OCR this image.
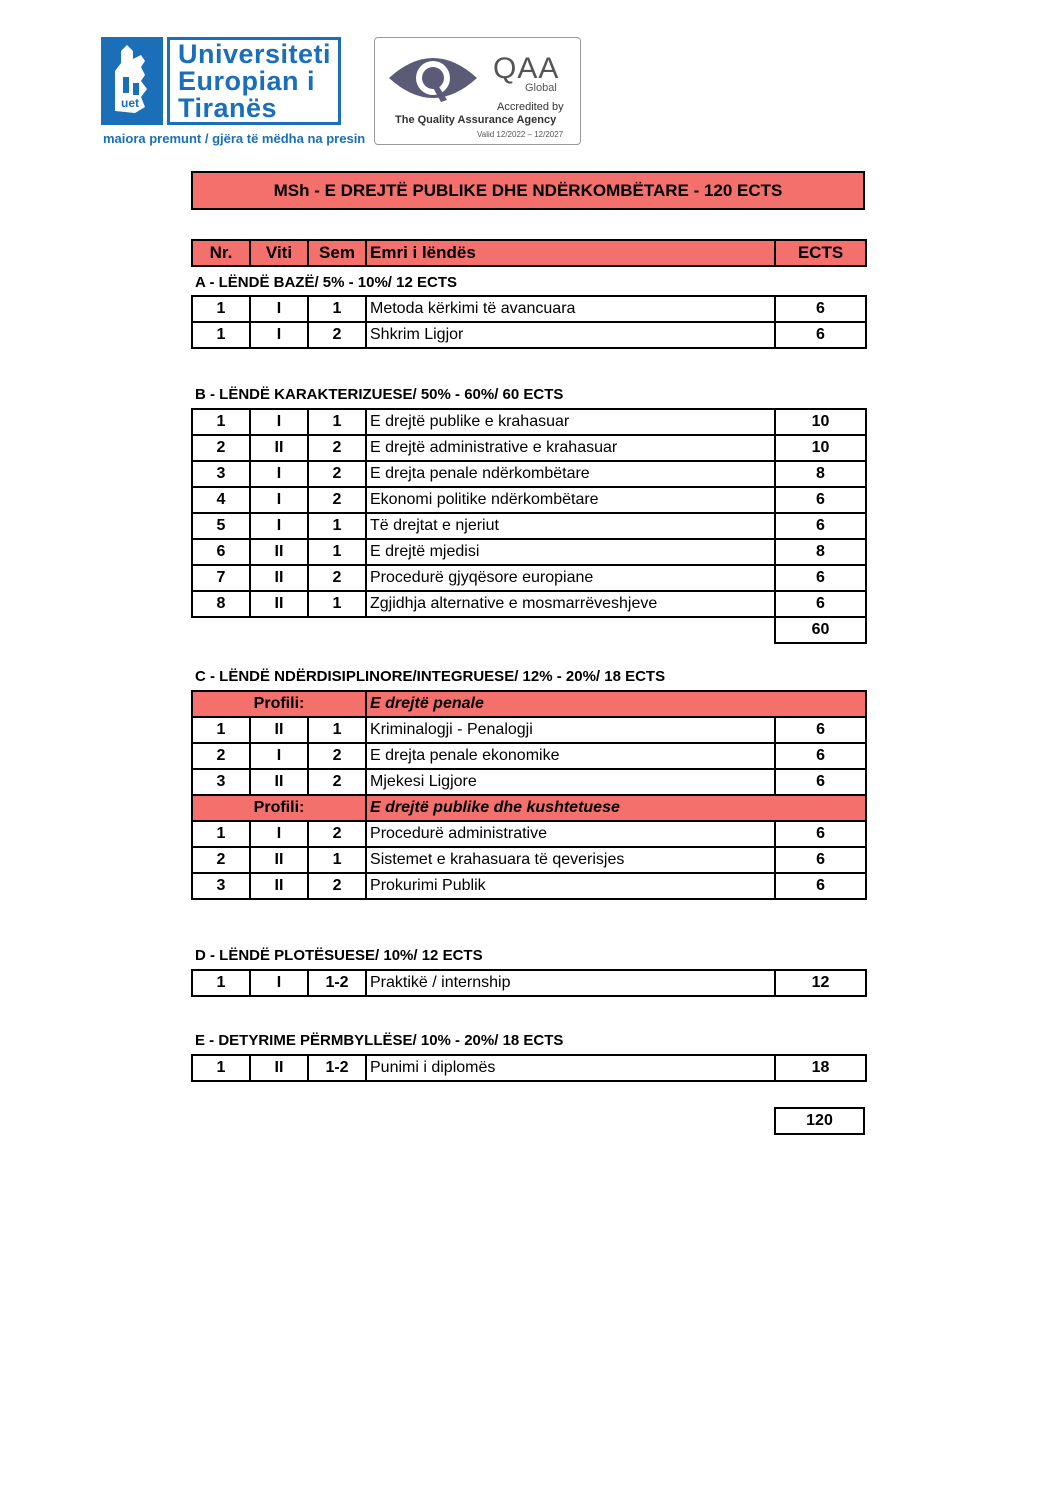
uet
Universiteti
Europian i
Tiranës
maiora premunt / gjëra të mëdha na presin
QAA
Global
Accredited by
The Quality Assurance Agency
Valid 12/2022 – 12/2027
MSh - E DREJTË PUBLIKE DHE NDËRKOMBËTARE - 120 ECTS
Nr.	Viti	Sem	Emri i lëndës	ECTS
A - LËNDË BAZË/ 5% - 10%/ 12 ECTS
1	I	1	Metoda kërkimi të avancuara	6
1	I	2	Shkrim Ligjor	6
B - LËNDË KARAKTERIZUESE/ 50% - 60%/ 60 ECTS
1	I	1	E drejtë publike e krahasuar	10
2	II	2	E drejtë administrative e krahasuar	10
3	I	2	E drejta penale ndërkombëtare	8
4	I	2	Ekonomi politike ndërkombëtare	6
5	I	1	Të drejtat e njeriut	6
6	II	1	E drejtë mjedisi	8
7	II	2	Procedurë gjyqësore europiane	6
8	II	1	Zgjidhja alternative e mosmarrëveshjeve	6
				60
C - LËNDË NDËRDISIPLINORE/INTEGRUESE/ 12% - 20%/ 18 ECTS
Profili:			E drejtë penale	
1	II	1	Kriminalogji - Penalogji	6
2	I	2	E drejta penale ekonomike	6
3	II	2	Mjekesi Ligjore	6
Profili:			E drejtë publike dhe kushtetuese	
1	I	2	Procedurë administrative	6
2	II	1	Sistemet e krahasuara të qeverisjes	6
3	II	2	Prokurimi Publik	6
D - LËNDË PLOTËSUESE/ 10%/ 12 ECTS
1	I	1-2	Praktikë / internship	12
E - DETYRIME PËRMBYLLËSE/ 10% - 20%/ 18 ECTS
1	II	1-2	Punimi i diplomës	18
120
